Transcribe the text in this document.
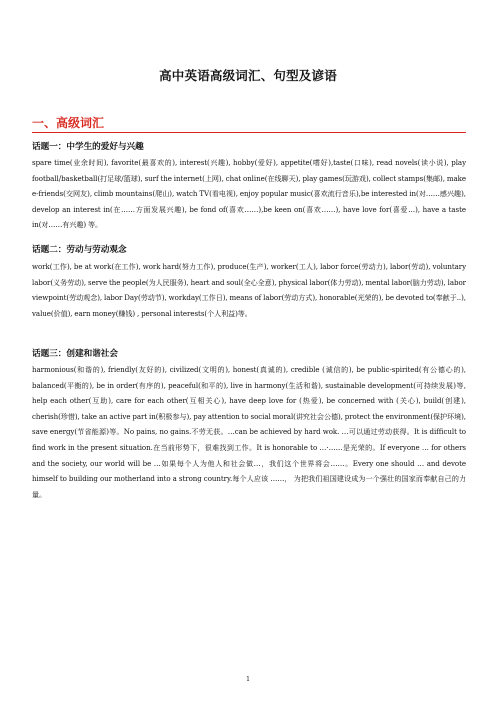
高中英语高级词汇、句型及谚语
一、高级词汇
话题一：中学生的爱好与兴趣
spare time(业余时间), favorite(最喜欢的), interest(兴趣), hobby(爱好), appetite(嗜好),taste(口味), read novels(读小说), play football/basketball(打足球/篮球), surf the internet(上网), chat online(在线聊天), play games(玩游戏), collect stamps(集邮), make e-friends(交网友), climb mountains(爬山), watch TV(看电视), enjoy popular music(喜欢流行音乐),be interested in(对……感兴趣), develop an interest in(在……方面发展兴趣), be fond of(喜欢……),be keen on(喜欢……), have love for(喜爱…), have a taste in(对……有兴趣) 等。
话题二：劳动与劳动观念
work(工作), be at work(在工作), work hard(努力工作), produce(生产), worker(工人), labor force(劳动力), labor(劳动), voluntary labor(义务劳动), serve the people(为人民服务), heart and soul(全心全意), physical labor(体力劳动), mental labor(脑力劳动), labor viewpoint(劳动观念), labor Day(劳动节), workday(工作日), means of labor(劳动方式), honorable(光荣的), be devoted to(奉献于..), value(价值), earn money(赚钱) , personal interests(个人利益)等。
话题三：创建和谐社会
harmonious(和谐的), friendly(友好的), civilized(文明的), honest(真诚的), credible (诚信的), be public-spirited(有公德心的), balanced(平衡的), be in order(有序的), peaceful(和平的), live in harmony(生活和谐), sustainable development(可持续发展)等, help each other(互助), care for each other(互相关心), have deep love for (热爱), be concerned with (关心), build(创建), cherish(珍惜), take an active part in(积极参与), pay attention to social moral(讲究社会公德), protect the environment(保护环境), save energy(节省能源)等。No pains, no gains.不劳无获。…can be achieved by hard wok. …可以通过劳动获得。It is difficult to find work in the present situation.在当前形势下，很难找到工作。It is honorable to …·……是光荣的。If everyone … for others and the society, our world will be …如果每个人为他人和社会做…，我们这个世界将会……。Every one should … and devote himself to building our motherland into a strong country.每个人应该 ……， 为把我们祖国建设成为一个强壮的国家而奉献自己的力量。
1
